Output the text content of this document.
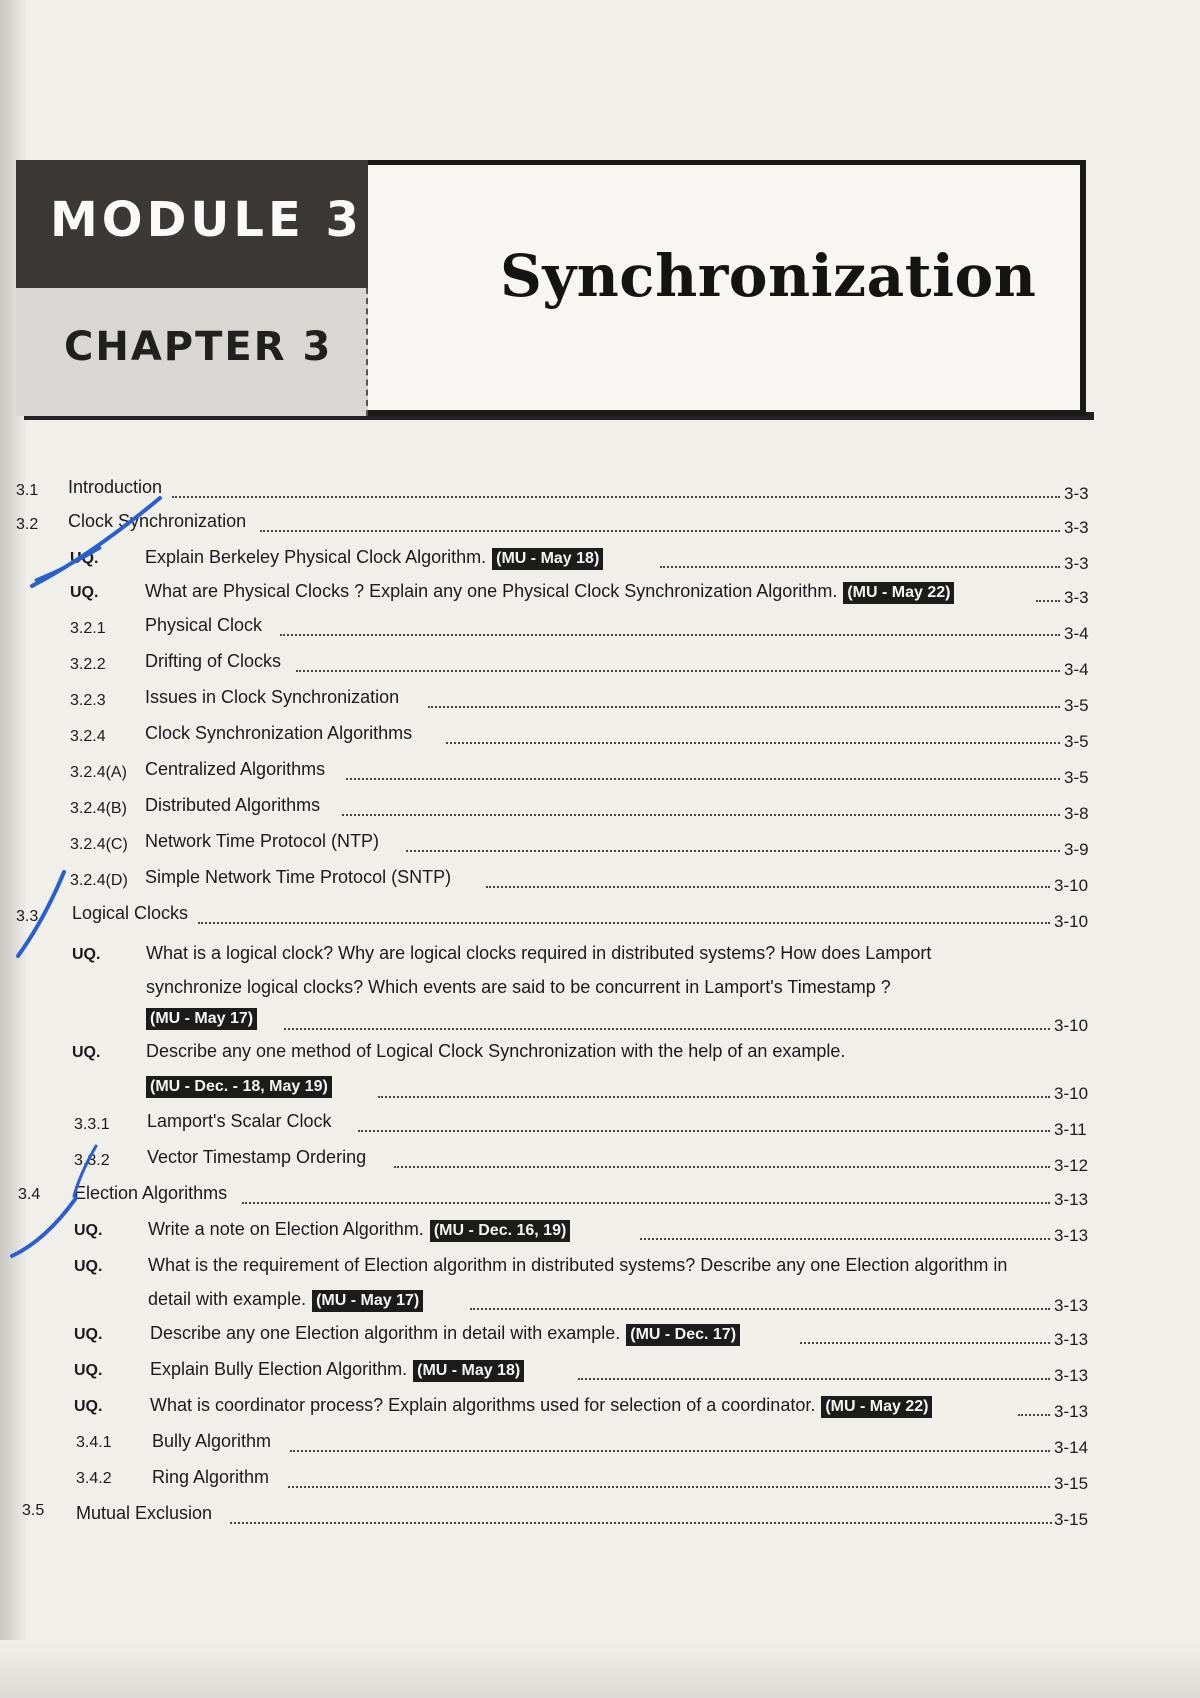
MODULE 3
CHAPTER 3
Synchronization
3.1 Introduction	3-3
3.2 Clock Synchronization	3-3
UQ.	Explain Berkeley Physical Clock Algorithm. (MU - May 18)	3-3
UQ.	What are Physical Clocks ? Explain any one Physical Clock Synchronization Algorithm. (MU - May 22)	3-3
3.2.1 Physical Clock	3-4
3.2.2 Drifting of Clocks	3-4
3.2.3 Issues in Clock Synchronization	3-5
3.2.4 Clock Synchronization Algorithms	3-5
3.2.4(A) Centralized Algorithms	3-5
3.2.4(B) Distributed Algorithms	3-8
3.2.4(C) Network Time Protocol (NTP)	3-9
3.2.4(D) Simple Network Time Protocol (SNTP)	3-10
3.3 Logical Clocks	3-10
UQ.	What is a logical clock? Why are logical clocks required in distributed systems? How does Lamport
synchronize logical clocks? Which events are said to be concurrent in Lamport's Timestamp ?
(MU - May 17)	3-10
UQ.	Describe any one method of Logical Clock Synchronization with the help of an example.
(MU - Dec. - 18, May 19)	3-10
3.3.1 Lamport's Scalar Clock	3-11
3.3.2 Vector Timestamp Ordering	3-12
3.4 Election Algorithms	3-13
UQ.	Write a note on Election Algorithm. (MU - Dec. 16, 19)	3-13
UQ.	What is the requirement of Election algorithm in distributed systems? Describe any one Election algorithm in
detail with example. (MU - May 17)	3-13
UQ.	Describe any one Election algorithm in detail with example. (MU - Dec. 17)	3-13
UQ.	Explain Bully Election Algorithm. (MU - May 18)	3-13
UQ.	What is coordinator process? Explain algorithms used for selection of a coordinator. (MU - May 22)	3-13
3.4.1 Bully Algorithm	3-14
3.4.2 Ring Algorithm	3-15
3.5 Mutual Exclusion	3-15
